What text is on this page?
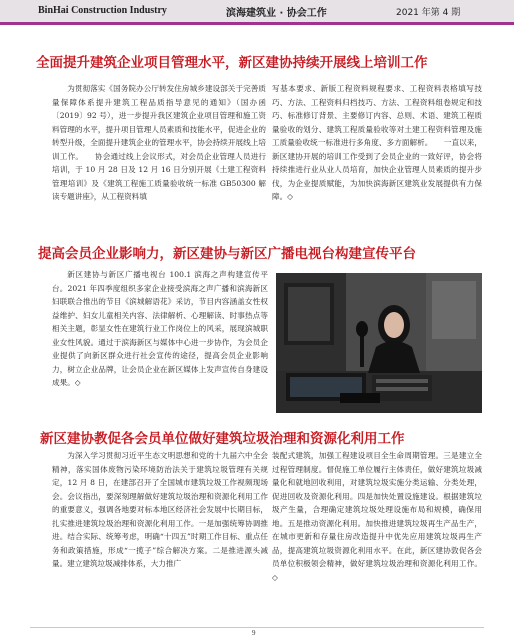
BinHai Construction Industry	滨海建筑业 · 协会工作	2021 年第 4 期
全面提升建筑企业项目管理水平，新区建协持续开展线上培训工作

为贯彻落实《国务院办公厅转发住房城乡建设部关于完善质量保障体系提升建筑工程品质指导意见的通知》（国办函〔2019〕92 号），进一步提升我区建筑企业项目管理和施工资料管理的水平，提升项目管理人员素质和技能水平，促进企业的转型升级，全面提升建筑企业的管理水平，协会持续开展线上培训工作。　　协会通过线上会议形式，对会员企业管理人员进行培训，于 10 月 28 日及 12 月 16 日分别开展《土建工程资料管理培训》及《建筑工程施工质量验收统一标准 GB50300 解读专题讲座》，从工程资料填

写基本要求、新版工程资料规程要求、工程资料表格填写技巧、方法、工程资料归档技巧、方法、工程资料组卷规定和技巧、标准修订背景、主要修订内容、总则、术语、建筑工程质量验收的划分、建筑工程质量验收等对土建工程资料管理及施工质量验收统一标准进行多角度、多方面解析。　　一直以来，新区建协开展的培训工作受到了会员企业的一致好评，协会将持续推进行业从业人员培育，加快企业管理人员素质的提升步伐，为企业提质赋能，为加快滨海新区建筑业发展提供有力保障。◇

提高会员企业影响力，新区建协与新区广播电视台构建宣传平台

新区建协与新区广播电视台 100.1 滨海之声构建宣传平台。2021 年四季度组织多家企业接受滨海之声广播和滨海新区妇联联合推出的节目《滨城解语花》采访，节目内容涵盖女性权益维护、妇女儿童相关内容、法律解析、心理解读、时事热点等相关主题，彰显女性在建筑行业工作岗位上的风采，展现滨城职业女性风貌。通过于滨海新区与媒体中心进一步协作，为会员企业提供了向新区群众进行社会宣传的途径，提高会员企业影响力，树立企业品牌，让会员企业在新区媒体上发声宣传自身建设成果。◇

新区建协教促各会员单位做好建筑垃圾治理和资源化利用工作

为深入学习贯彻习近平生态文明思想和党的十九届六中全会精神，落实国体废物污染环境防治法关于建筑垃圾管理有关规定，12 月 8 日，在建部召开了全国城市建筑垃圾工作视频现场会。会议指出，要深刻理解做好建筑垃圾治理和资源化利用工作的重要意义，强调各地要对标本地区经济社会发展中长期目标，扎实推进建筑垃圾治理和资源化利用工作。一是加强统筹协调推进。结合实际、统筹考虑，明确“十四五”时期工作目标、重点任务和政策措施，形成“一揽子”综合解决方案。二是推进源头减量。建立建筑垃圾减排体系，大力推广

装配式建筑，加强工程建设项目全生命周期管理。三是建立全过程管理制度。督促施工单位履行主体责任，做好建筑垃圾减量化和就地回收利用，对建筑垃圾实施分类运输、分类处理，促进回收及资源化利用。四是加快处置设施建设。根据建筑垃圾产生量，合理确定建筑垃圾处理设施布局和规模，确保用地。五是推动资源化利用。加快推进建筑垃圾再生产品生产，在城市更新和存量住房改造提升中优先应用建筑垃圾再生产品，提高建筑垃圾资源化利用水平。在此，新区建协敦促各会员单位积极领会精神，做好建筑垃圾治理和资源化利用工作。◇

9
